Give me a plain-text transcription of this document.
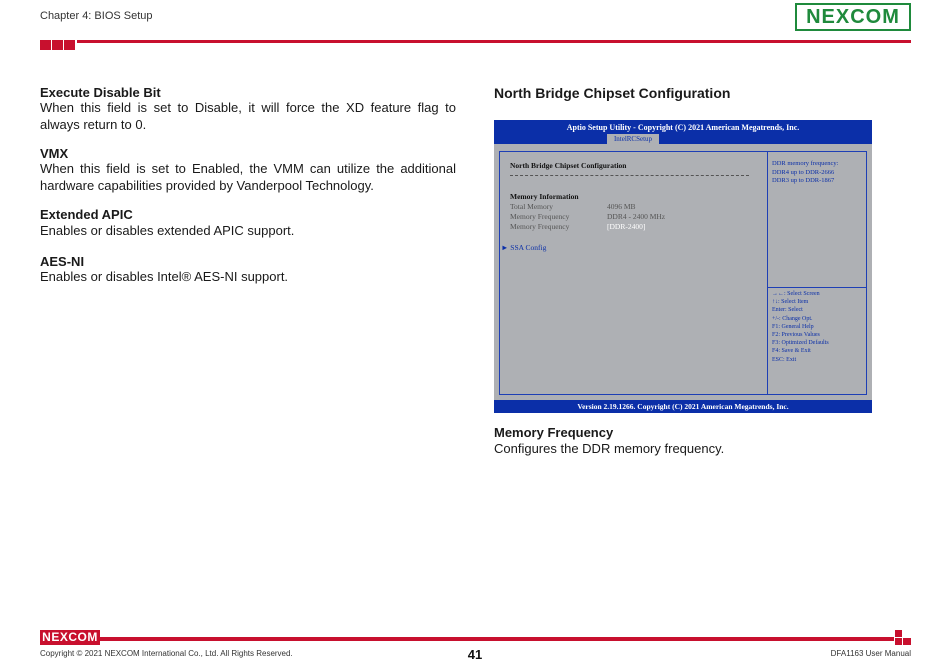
Chapter 4: BIOS Setup	NEXCOM
Execute Disable Bit
When this field is set to Disable, it will force the XD feature flag to always return to 0.
VMX
When this field is set to Enabled, the VMM can utilize the additional hardware capabilities provided by Vanderpool Technology.
Extended APIC
Enables or disables extended APIC support.
AES-NI
Enables or disables Intel® AES-NI support.
North Bridge Chipset Configuration
Aptio Setup Utility - Copyright (C) 2021 American Megatrends, Inc.
IntelRCSetup
North Bridge Chipset Configuration
Memory Information
Total Memory	4096 MB
Memory Frequency	DDR4 - 2400 MHz
Memory Frequency	[DDR-2400]
► SSA Config
DDR memory frequency:
DDR4 up to DDR-2666
DDR3 up to DDR-1867
→←: Select Screen
↑↓: Select Item
Enter: Select
+/-: Change Opt.
F1: General Help
F2: Previous Values
F3: Optimized Defaults
F4: Save & Exit
ESC: Exit
Version 2.19.1266. Copyright (C) 2021 American Megatrends, Inc.
Memory Frequency
Configures the DDR memory frequency.
NEXCOM
Copyright © 2021 NEXCOM International Co., Ltd. All Rights Reserved.	41	DFA1163 User Manual
